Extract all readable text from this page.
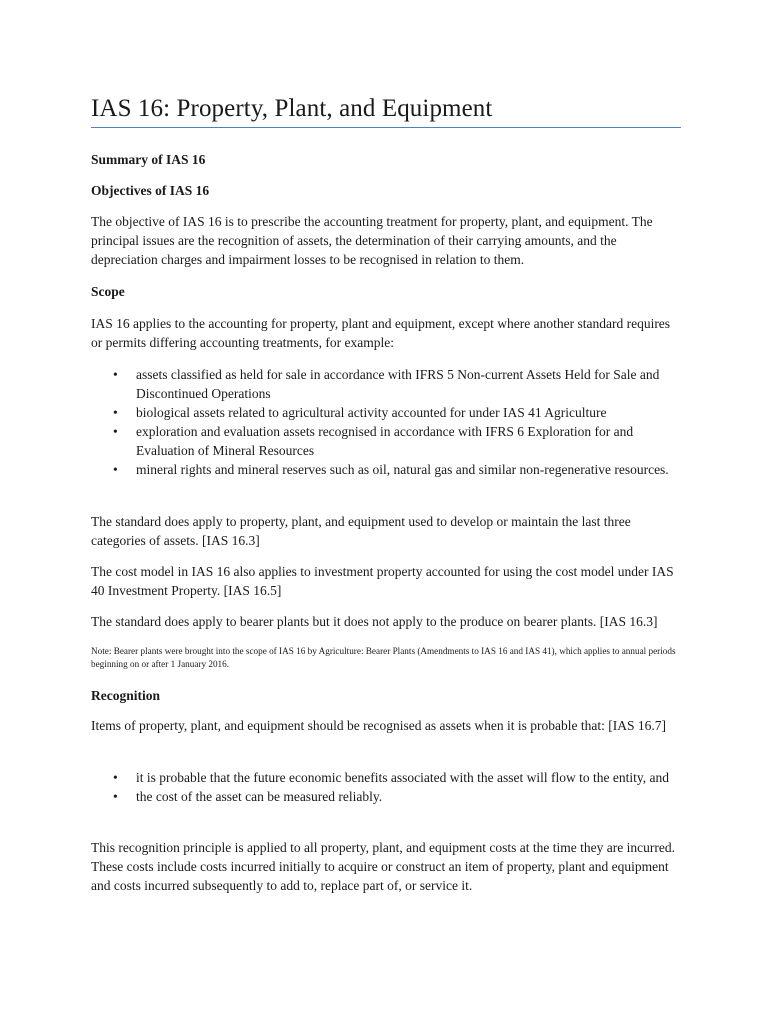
IAS 16: Property, Plant, and Equipment

Summary of IAS 16

Objectives of IAS 16

The objective of IAS 16 is to prescribe the accounting treatment for property, plant, and equipment. The principal issues are the recognition of assets, the determination of their carrying amounts, and the depreciation charges and impairment losses to be recognised in relation to them.

Scope

IAS 16 applies to the accounting for property, plant and equipment, except where another standard requires or permits differing accounting treatments, for example:

• assets classified as held for sale in accordance with IFRS 5 Non-current Assets Held for Sale and Discontinued Operations
• biological assets related to agricultural activity accounted for under IAS 41 Agriculture
• exploration and evaluation assets recognised in accordance with IFRS 6 Exploration for and Evaluation of Mineral Resources
• mineral rights and mineral reserves such as oil, natural gas and similar non-regenerative resources.

The standard does apply to property, plant, and equipment used to develop or maintain the last three categories of assets. [IAS 16.3]

The cost model in IAS 16 also applies to investment property accounted for using the cost model under IAS 40 Investment Property. [IAS 16.5]

The standard does apply to bearer plants but it does not apply to the produce on bearer plants. [IAS 16.3]

Note: Bearer plants were brought into the scope of IAS 16 by Agriculture: Bearer Plants (Amendments to IAS 16 and IAS 41), which applies to annual periods beginning on or after 1 January 2016.

Recognition

Items of property, plant, and equipment should be recognised as assets when it is probable that: [IAS 16.7]

• it is probable that the future economic benefits associated with the asset will flow to the entity, and
• the cost of the asset can be measured reliably.

This recognition principle is applied to all property, plant, and equipment costs at the time they are incurred. These costs include costs incurred initially to acquire or construct an item of property, plant and equipment and costs incurred subsequently to add to, replace part of, or service it.
